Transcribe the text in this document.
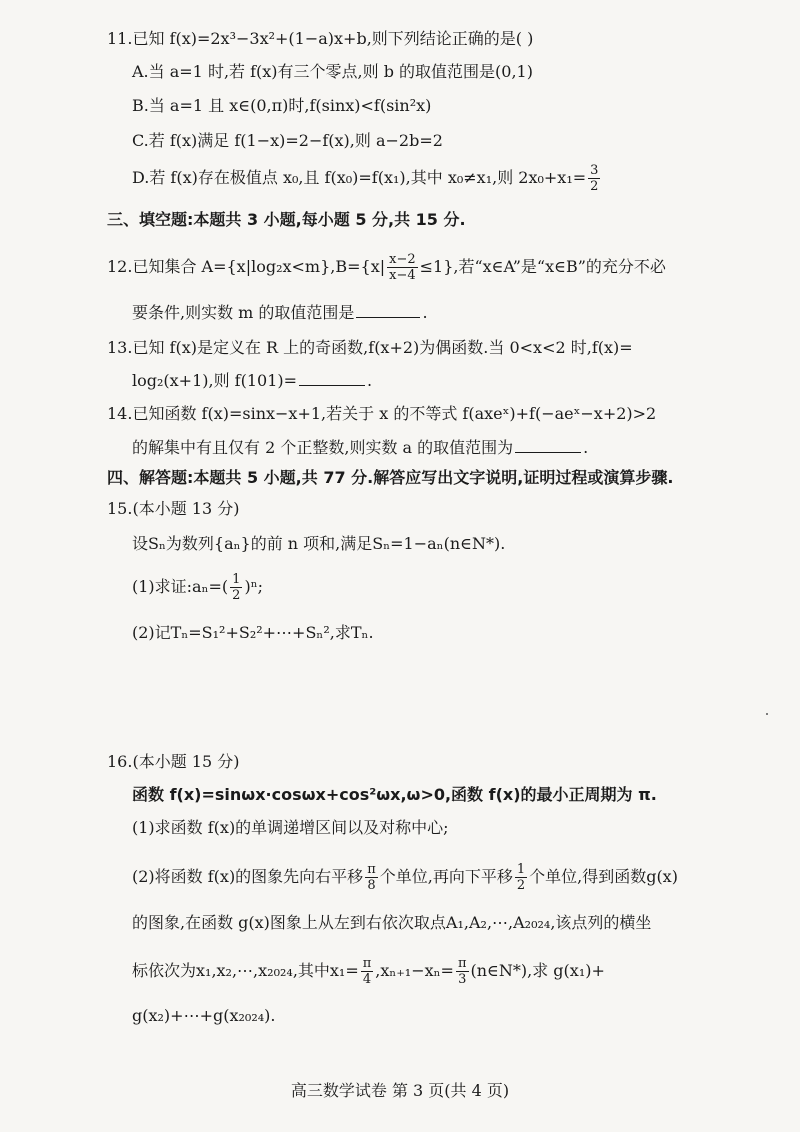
11.已知 f(x)=2x³−3x²+(1−a)x+b,则下列结论正确的是( )
A.当 a=1 时,若 f(x)有三个零点,则 b 的取值范围是(0,1)
B.当 a=1 且 x∈(0,π)时,f(sinx)<f(sin²x)
C.若 f(x)满足 f(1−x)=2−f(x),则 a−2b=2
D.若 f(x)存在极值点 x₀,且 f(x₀)=f(x₁),其中 x₀≠x₁,则 $2x_0+x_1= \frac{3}{2}$
三、填空题:本题共 3 小题,每小题 5 分,共 15 分.
12.已知集合 $A=\{x|\log_2x<m\},B=\{x| \frac{x-2}{x-4} \le 1\}$,若“x∈A”是“x∈B”的充分不必
要条件,则实数 m 的取值范围是	.
13.已知 f(x)是定义在 R 上的奇函数,f(x+2)为偶函数.当 0<x<2 时,f(x)=
log₂(x+1),则 f(101)=	.
14.已知函数 f(x)=sinx−x+1,若关于 x 的不等式 f(axeˣ)+f(−aeˣ−x+2)>2
的解集中有且仅有 2 个正整数,则实数 a 的取值范围为	.
四、解答题:本题共 5 小题,共 77 分.解答应写出文字说明,证明过程或演算步骤.
15.(本小题 13 分)
设Sₙ为数列{aₙ}的前 n 项和,满足Sₙ=1−aₙ(n∈N*).
(1)求证:aₙ=( $\frac{1}{2} )^n$;
(2)记Tₙ=S₁²+S₂²+⋯+Sₙ²,求Tₙ.
16.(本小题 15 分)
函数 f(x)=sinωx·cosωx+cos²ωx,ω>0,函数 f(x)的最小正周期为 π.
(1)求函数 f(x)的单调递增区间以及对称中心;
(2)将函数 f(x)的图象先向右平移 $\frac{\pi}{8}$ 个单位,再向下平移 $\frac{1}{2}$ 个单位,得到函数g(x)
的图象,在函数 g(x)图象上从左到右依次取点A₁,A₂,⋯,A₂₀₂₄,该点列的横坐
标依次为x₁,x₂,⋯,x₂₀₂₄,其中$x_1= \frac{\pi}{4} ,x_{n+1}-x_n= \frac{\pi}{3}$ (n∈N*),求 g(x₁)+
g(x₂)+⋯+g(x₂₀₂₄).
高三数学试卷 第 3 页(共 4 页)
